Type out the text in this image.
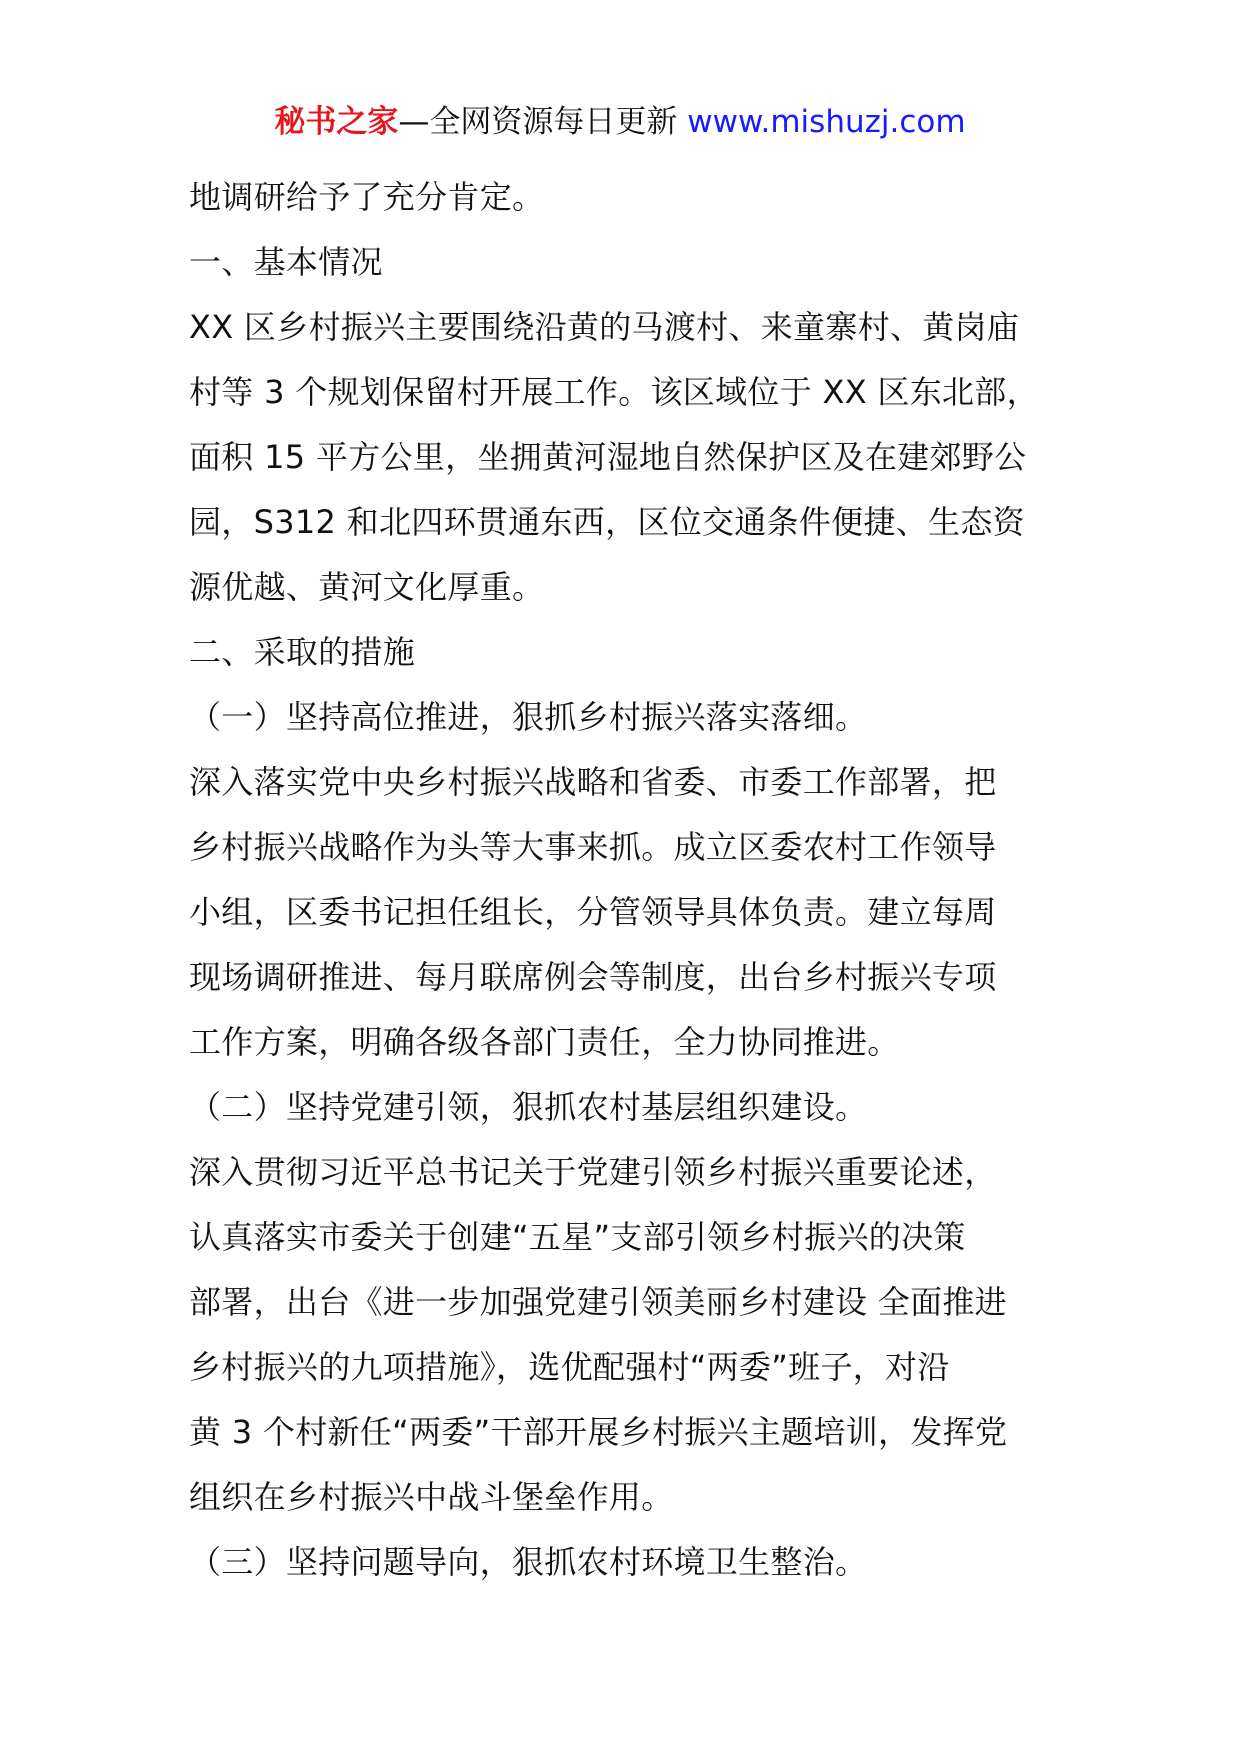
秘书之家—全网资源每日更新 www.mishuzj.com
地调研给予了充分肯定。
一、基本情况
XX 区乡村振兴主要围绕沿黄的马渡村、来童寨村、黄岗庙
村等 3 个规划保留村开展工作。该区域位于 XX 区东北部，
面积 15 平方公里，坐拥黄河湿地自然保护区及在建郊野公
园，S312 和北四环贯通东西，区位交通条件便捷、生态资
源优越、黄河文化厚重。
二、采取的措施
（一）坚持高位推进，狠抓乡村振兴落实落细。
深入落实党中央乡村振兴战略和省委、市委工作部署，把
乡村振兴战略作为头等大事来抓。成立区委农村工作领导
小组，区委书记担任组长，分管领导具体负责。建立每周
现场调研推进、每月联席例会等制度，出台乡村振兴专项
工作方案，明确各级各部门责任，全力协同推进。
（二）坚持党建引领，狠抓农村基层组织建设。
深入贯彻习近平总书记关于党建引领乡村振兴重要论述，
认真落实市委关于创建“五星”支部引领乡村振兴的决策
部署，出台《进一步加强党建引领美丽乡村建设 全面推进
乡村振兴的九项措施》，选优配强村“两委”班子，对沿
黄 3 个村新任“两委”干部开展乡村振兴主题培训，发挥党
组织在乡村振兴中战斗堡垒作用。
（三）坚持问题导向，狠抓农村环境卫生整治。
